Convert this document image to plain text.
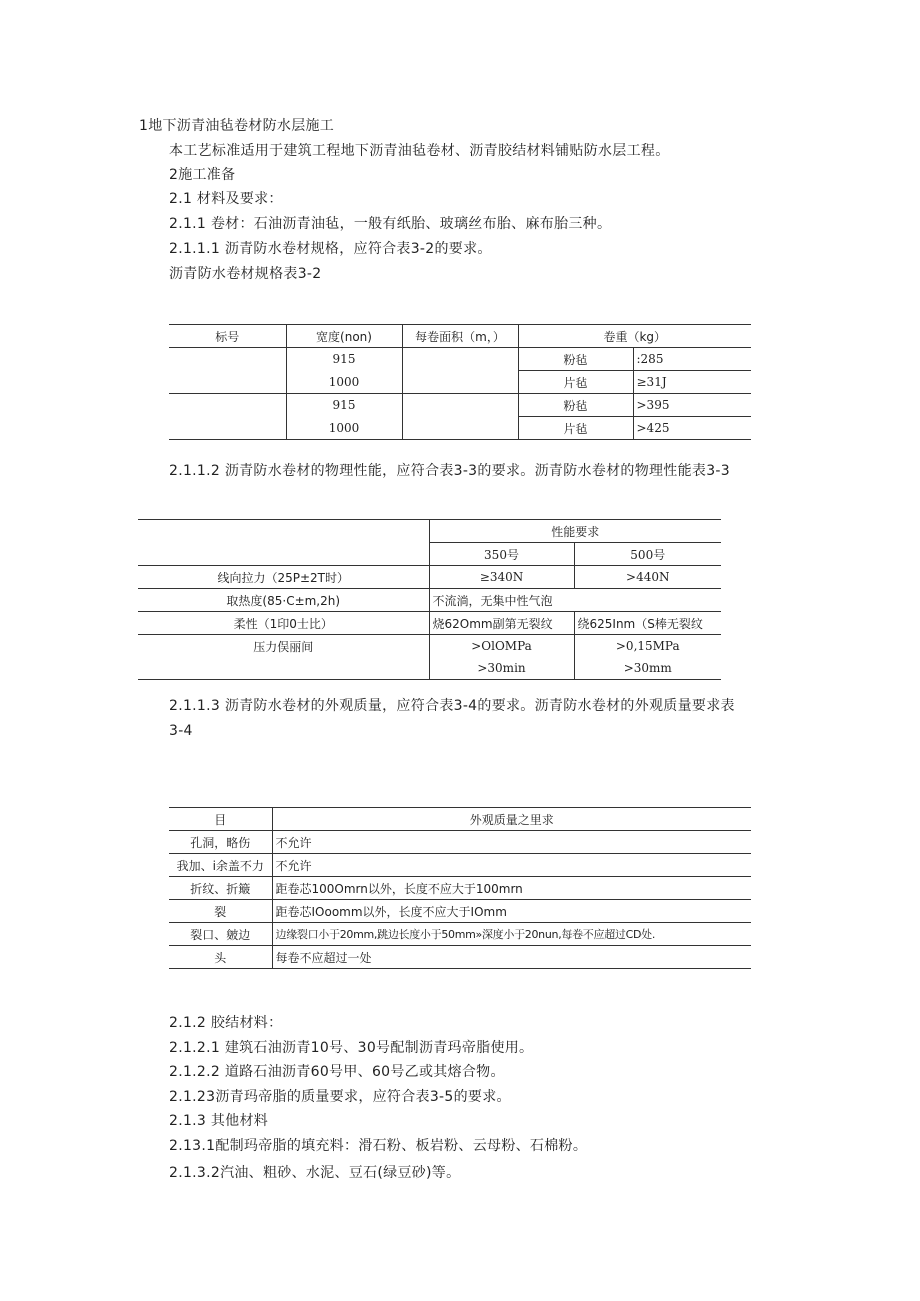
1地下沥青油毡卷材防水层施工
本工艺标准适用于建筑工程地下沥青油毡卷材、沥青胶结材料铺贴防水层工程。
2施工准备
2.1 材料及要求：
2.1.1 卷材：石油沥青油毡，一般有纸胎、玻璃丝布胎、麻布胎三种。
2.1.1.1 沥青防水卷材规格，应符合表3-2的要求。
沥青防水卷材规格表3-2
标号	宽度(non)	每卷面积（m，）	卷重（kg）	
	915		粉毡	:285
	1000		片毡	≥31J
	915		粉毡	>395
	1000		片毡	>425
2.1.1.2 沥青防水卷材的物理性能，应符合表3-3的要求。沥青防水卷材的物理性能表3-3
	性能要求	
	350号	500号
线向拉力（25P±2T时）	≥340N	>440N
取热度(85·C±m,2h)	不流淌，无集中性气泡	
柔性（1印0士比）	烧62Omm副第无裂纹	绕625Inm（S棒无裂纹
压力俣丽间	>OlOMPa	>0,15MPa
	>30min	>30mm
2.1.1.3 沥青防水卷材的外观质量，应符合表3-4的要求。沥青防水卷材的外观质量要求表
3-4
目	外观质量之里求
孔洞，略伤	不允许
我加、i余盖不力	不允许
折纹、折簸	距卷芯100Omrn以外，长度不应大于100mrn
裂	距卷芯IOoomm以外，长度不应大于IOmm
裂口、皴边	边缘裂口小于20mm,跳边长度小于50mm»深度小于20nun,每卷不应超过CD处.
头	每卷不应超过一处
2.1.2 胶结材料：
2.1.2.1 建筑石油沥青10号、30号配制沥青玛帝脂使用。
2.1.2.2 道路石油沥青60号甲、60号乙或其熔合物。
2.1.23沥青玛帝脂的质量要求，应符合表3-5的要求。
2.1.3 其他材料
2.13.1配制玛帝脂的填充料：滑石粉、板岩粉、云母粉、石棉粉。
2.1.3.2汽油、粗砂、水泥、豆石(绿豆砂)等。
